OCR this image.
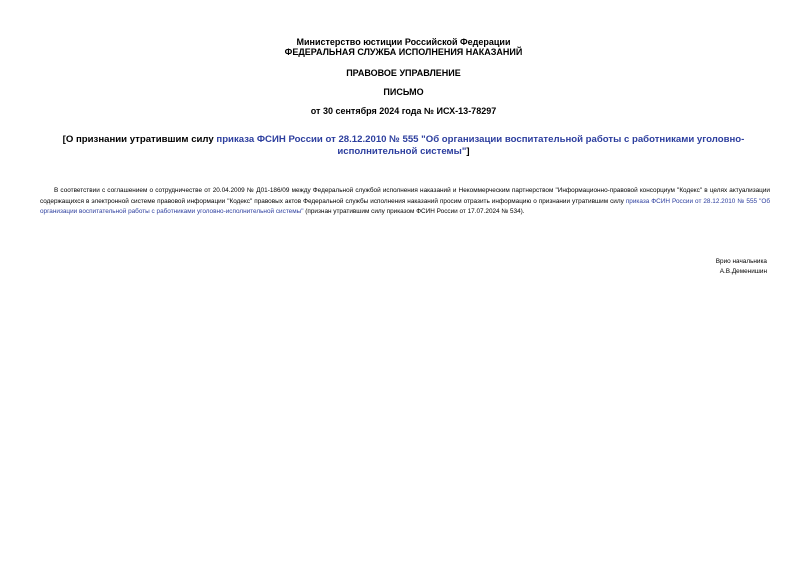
Министерство юстиции Российской Федерации
ФЕДЕРАЛЬНАЯ СЛУЖБА ИСПОЛНЕНИЯ НАКАЗАНИЙ
ПРАВОВОЕ УПРАВЛЕНИЕ
ПИСЬМО
от 30 сентября 2024 года № ИСХ-13-78297
[О признании утратившим силу приказа ФСИН России от 28.12.2010 № 555 "Об организации воспитательной работы с работниками уголовно-исполнительной системы"]
В соответствии с соглашением о сотрудничестве от 20.04.2009 № Д01-186/09 между Федеральной службой исполнения наказаний и Некоммерческим партнерством "Информационно-правовой консорциум "Кодекс" в целях актуализации содержащихся в электронной системе правовой информации "Кодекс" правовых актов Федеральной службы исполнения наказаний просим отразить информацию о признании утратившим силу приказа ФСИН России от 28.12.2010 № 555 "Об организации воспитательной работы с работниками уголовно-исполнительной системы" (признан утратившим силу приказом ФСИН России от 17.07.2024 № 534).
Врио начальника
А.В.Деменишин
